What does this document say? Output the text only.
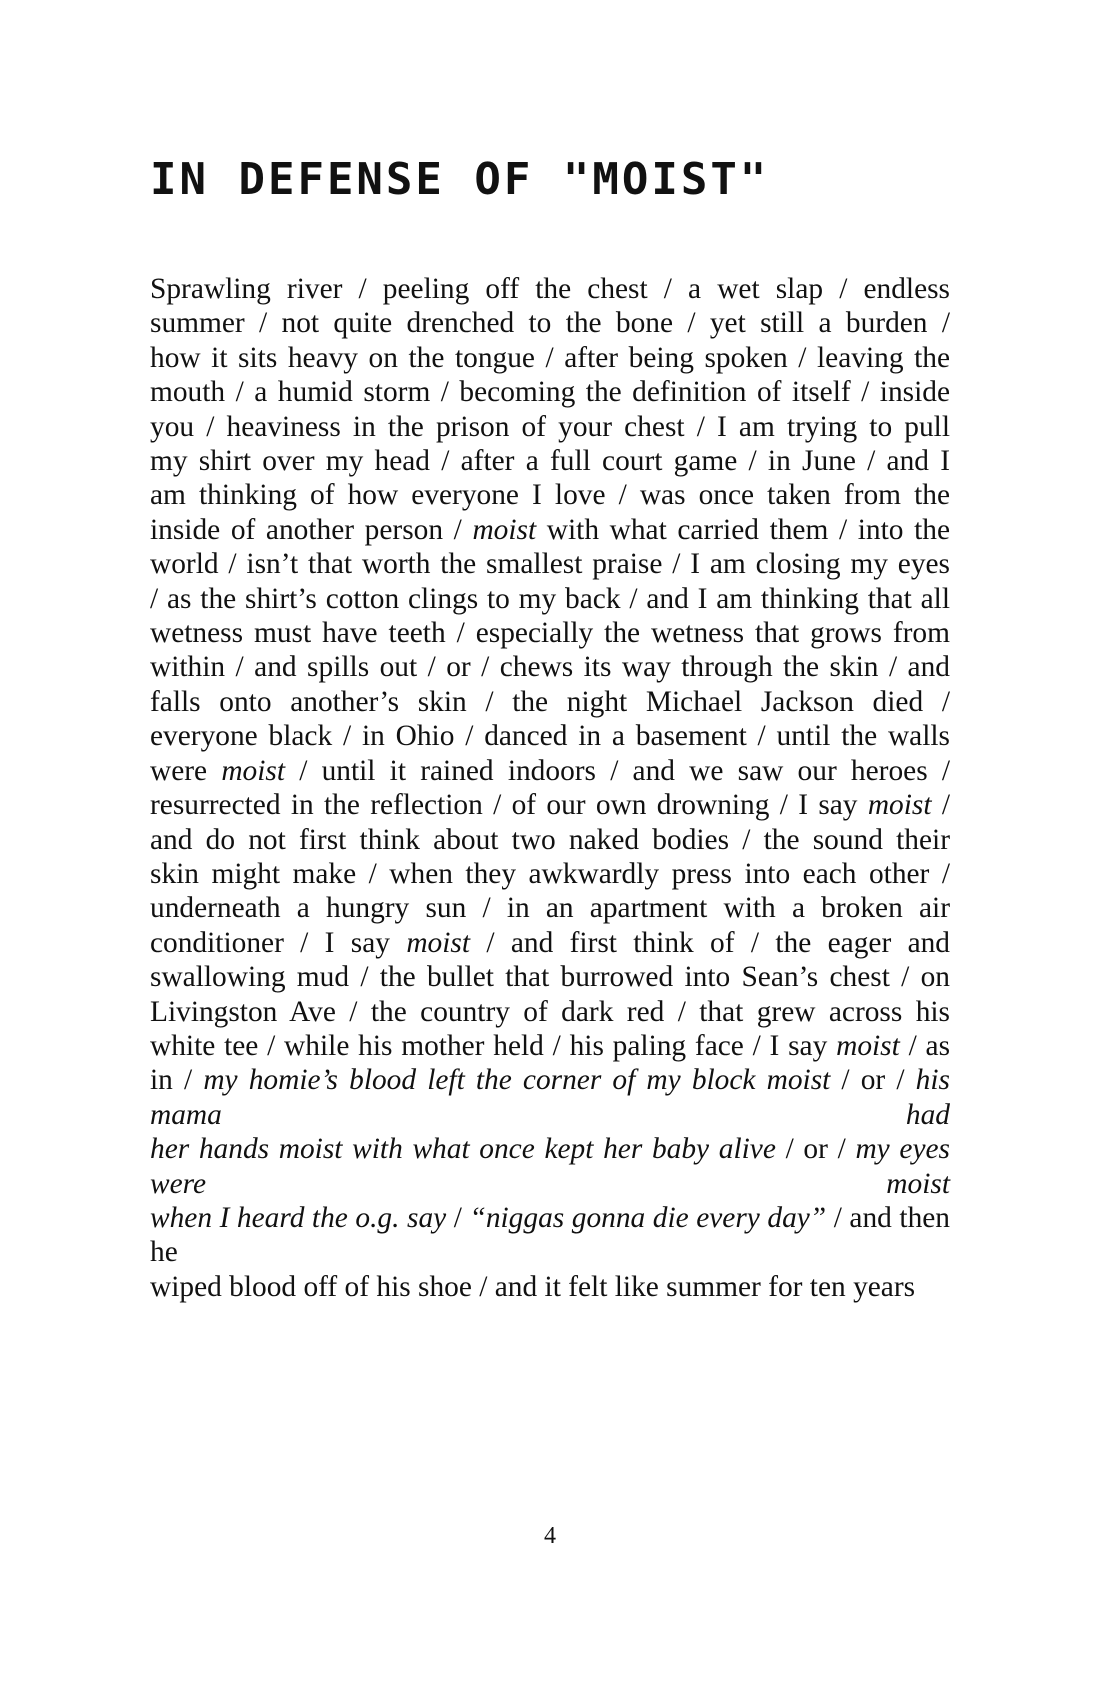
IN DEFENSE OF "MOIST"
Sprawling river / peeling off the chest / a wet slap / endless
summer / not quite drenched to the bone / yet still a burden /
how it sits heavy on the tongue / after being spoken / leaving the
mouth / a humid storm / becoming the definition of itself / inside
you / heaviness in the prison of your chest / I am trying to pull
my shirt over my head / after a full court game / in June / and I
am thinking of how everyone I love / was once taken from the
inside of another person / moist with what carried them / into the
world / isn’t that worth the smallest praise / I am closing my eyes
/ as the shirt’s cotton clings to my back / and I am thinking that all
wetness must have teeth / especially the wetness that grows from
within / and spills out / or / chews its way through the skin / and
falls onto another’s skin / the night Michael Jackson died /
everyone black / in Ohio / danced in a basement / until the walls
were moist / until it rained indoors / and we saw our heroes /
resurrected in the reflection / of our own drowning / I say moist /
and do not first think about two naked bodies / the sound their
skin might make / when they awkwardly press into each other /
underneath a hungry sun / in an apartment with a broken air
conditioner / I say moist / and first think of / the eager and
swallowing mud / the bullet that burrowed into Sean’s chest / on
Livingston Ave / the country of dark red / that grew across his
white tee / while his mother held / his paling face / I say moist / as
in / my homie’s blood left the corner of my block moist / or / his mama had
her hands moist with what once kept her baby alive / or / my eyes were moist
when I heard the o.g. say / “niggas gonna die every day” / and then he
wiped blood off of his shoe / and it felt like summer for ten years
4
